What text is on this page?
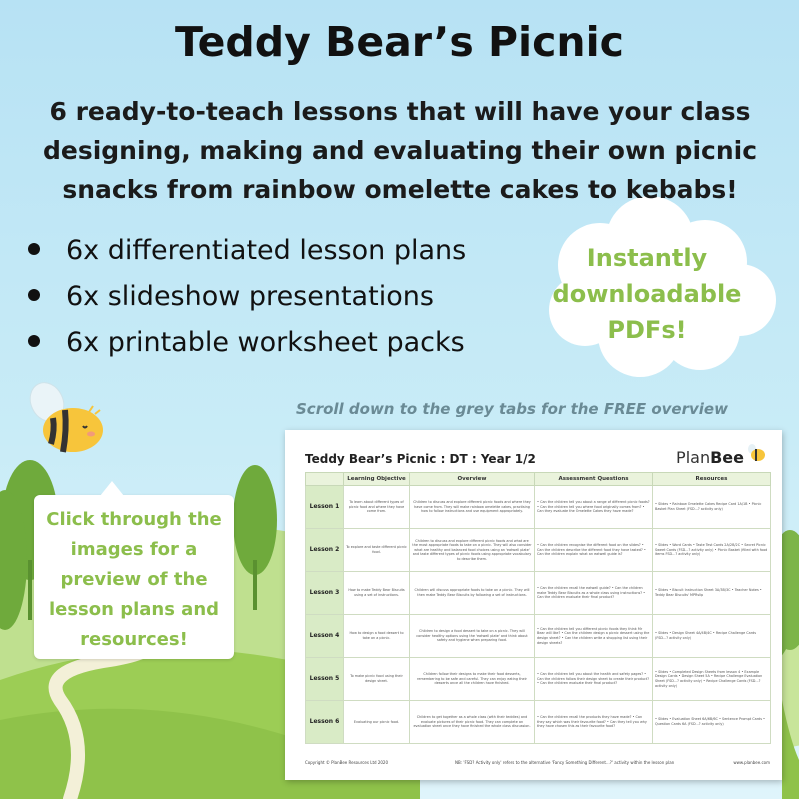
Teddy Bear’s Picnic

6 ready-to-teach lessons that will have your class designing, making and evaluating their own picnic snacks from rainbow omelette cakes to kebabs!

6x differentiated lesson plans
6x slideshow presentations
6x printable worksheet packs
Instantly
downloadable
PDFs!
Scroll down to the grey tabs for the FREE overview
Click through the images for a preview of the lesson plans and resources!
Teddy Bear’s Picnic : DT : Year 1/2	PlanBee
	Learning Objective	Overview	Assessment Questions	Resources
Lesson 1	To learn about different types of picnic food and where they have come from.	Children to discuss and explore different picnic foods and where they have come from. They will make rainbow omelette cakes, practising how to follow instructions and use equipment appropriately.	• Can the children tell you about a range of different picnic foods? • Can the children tell you where food originally comes from? • Can they evaluate the Omelette Cakes they have made?	• Slides • Rainbow Omelette Cakes Recipe Card 1A/1B • Picnic Basket Plan Sheet (FSD...? activity only)
Lesson 2	To explore and taste different picnic food.	Children to discuss and explore different picnic foods and what are the most appropriate foods to take on a picnic. They will also consider what are healthy and balanced food choices using an 'eatwell plate' and taste different types of picnic foods using appropriate vocabulary to describe them.	• Can the children recognise the different food on the slides? • Can the children describe the different food they have tasted? • Can the children explain what an eatwell guide is?	• Slides • Word Cards • Taste Test Cards 2A/2B/2C • Secret Picnic Sweet Cards (FSD...? activity only) • Picnic Basket (filled with food items FSD...? activity only)
Lesson 3	How to make Teddy Bear Biscuits using a set of instructions.	Children will discuss appropriate foods to take on a picnic. They will then make Teddy Bear Biscuits by following a set of instructions.	• Can the children recall the eatwell guide? • Can the children make Teddy Bear Biscuits as a whole class using instructions? • Can the children evaluate their final product?	• Slides • Biscuit Instruction Sheet 3A/3B/3C • Teacher Notes • Teddy Bear Biscuits' MPRslip
Lesson 4	How to design a food dessert to take on a picnic.	Children to design a food dessert to take on a picnic. They will consider healthy options using the 'eatwell plate' and think about safety and hygiene when preparing food.	• Can the children tell you different picnic foods they think Mr Bear will like? • Can the children design a picnic dessert using the design sheet? • Can the children write a shopping list using their design sheets?	• Slides • Design Sheet 4A/4B/4C • Recipe Challenge Cards (FSD...? activity only)
Lesson 5	To make picnic food using their design sheet.	Children follow their designs to make their food desserts, remembering to be safe and careful. They can enjoy eating their desserts once all the children have finished.	• Can the children tell you about the health and safety pages? • Can the children follow their design sheet to create their product? • Can the children evaluate their final product?	• Slides • Completed Design Sheets from lesson 4 • Example Design Cards • Design Sheet 5A • Recipe Challenge Evaluation Sheet (FSD...? activity only) • Recipe Challenge Cards (FSD...? activity only)
Lesson 6	Evaluating our picnic food.	Children to get together as a whole class (with their teddies) and evaluate pictures of their picnic food. They can complete an evaluation sheet once they have finished the whole class discussion.	• Can the children recall the products they have made? • Can they say which was their favourite food? • Can they tell you why they have chosen this as their favourite food?	• Slides • Evaluation Sheet 6A/6B/6C • Sentence Prompt Cards • Question Cards 6A (FSD...? activity only)
Copyright © PlanBee Resources Ltd 2020	NB: 'FSD? Activity only' refers to the alternative 'Fancy Something Different...?' activity within the lesson plan	www.planbee.com
